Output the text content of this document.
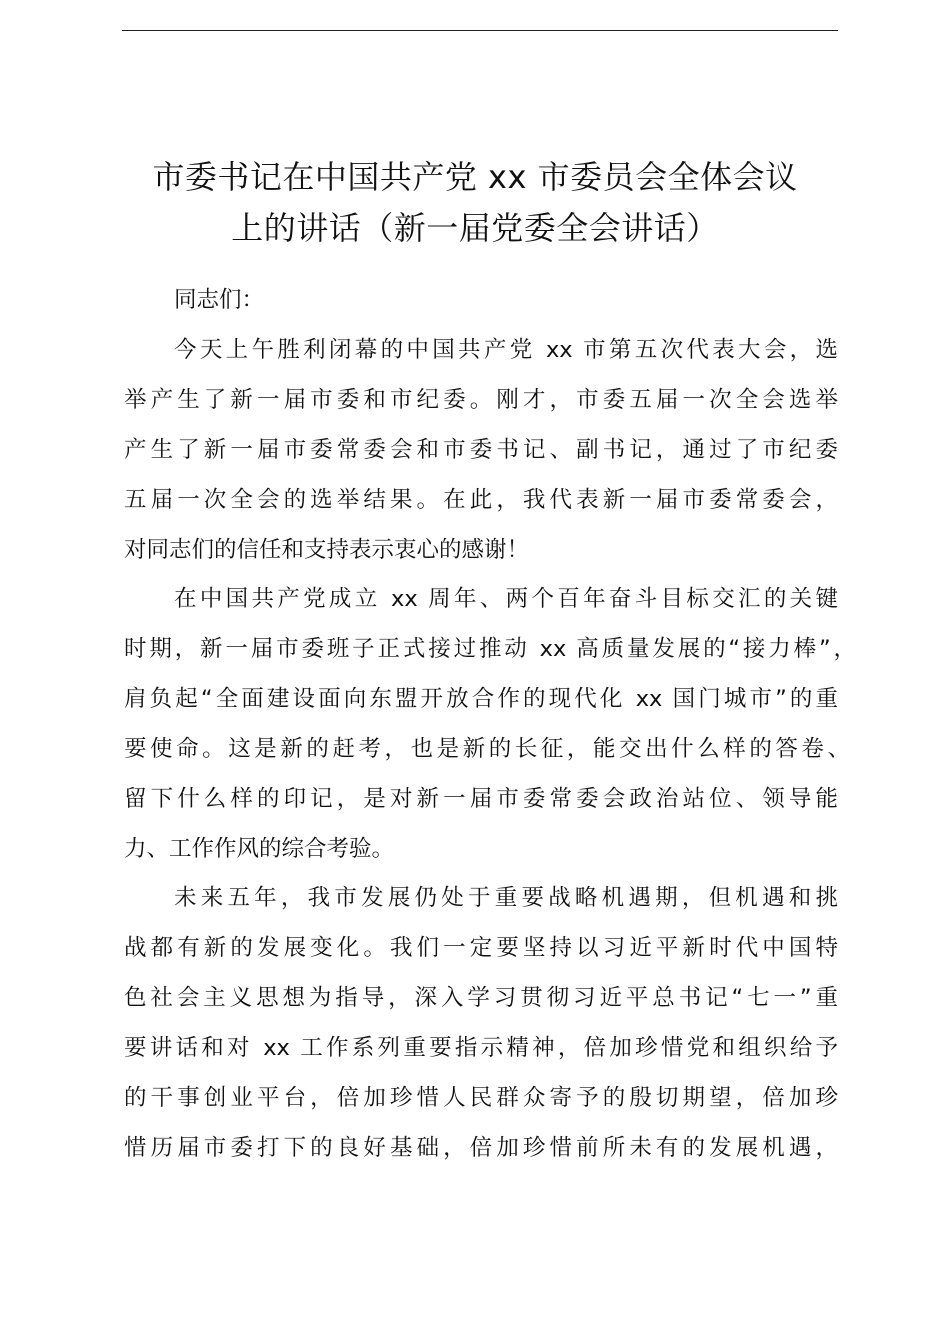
市委书记在中国共产党 xx 市委员会全体会议
上的讲话（新一届党委全会讲话）
同志们：
今天上午胜利闭幕的中国共产党 xx 市第五次代表大会，选
举产生了新一届市委和市纪委。刚才，市委五届一次全会选举
产生了新一届市委常委会和市委书记、副书记，通过了市纪委
五届一次全会的选举结果。在此，我代表新一届市委常委会，
对同志们的信任和支持表示衷心的感谢！
在中国共产党成立 xx 周年、两个百年奋斗目标交汇的关键
时期，新一届市委班子正式接过推动 xx 高质量发展的“接力棒”，
肩负起“全面建设面向东盟开放合作的现代化 xx 国门城市”的重
要使命。这是新的赶考，也是新的长征，能交出什么样的答卷、
留下什么样的印记，是对新一届市委常委会政治站位、领导能
力、工作作风的综合考验。
未来五年，我市发展仍处于重要战略机遇期，但机遇和挑
战都有新的发展变化。我们一定要坚持以习近平新时代中国特
色社会主义思想为指导，深入学习贯彻习近平总书记“七一”重
要讲话和对 xx 工作系列重要指示精神，倍加珍惜党和组织给予
的干事创业平台，倍加珍惜人民群众寄予的殷切期望，倍加珍
惜历届市委打下的良好基础，倍加珍惜前所未有的发展机遇，
